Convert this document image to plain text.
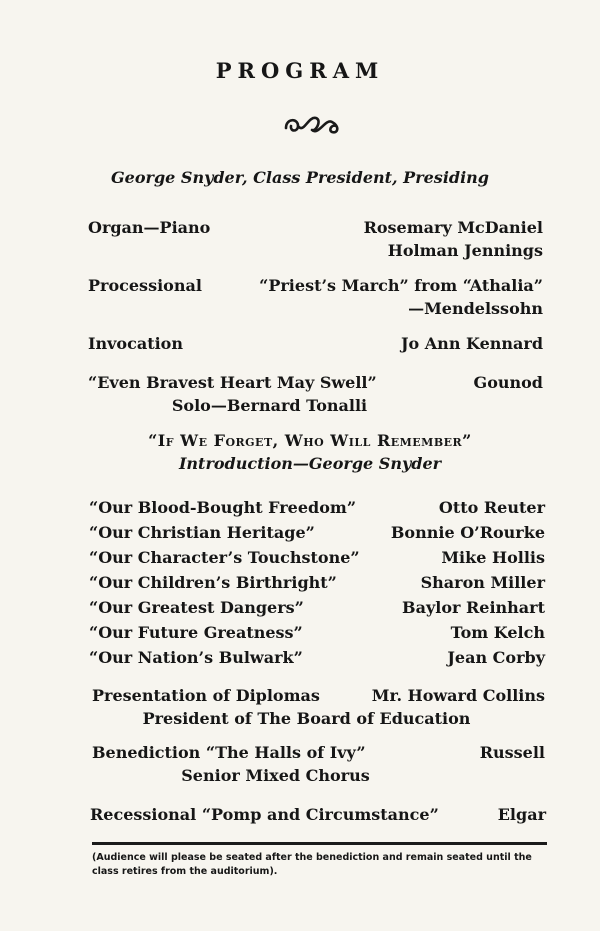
PROGRAM
George Snyder, Class President, Presiding
Organ—Piano	Rosemary McDaniel
Holman Jennings
Processional	“Priest’s March” from “Athalia”
—Mendelssohn
Invocation	Jo Ann Kennard
“Even Bravest Heart May Swell”	Gounod
Solo—Bernard Tonalli
“If We Forget, Who Will Remember”
Introduction—George Snyder
“Our Blood-Bought Freedom”	Otto Reuter
“Our Christian Heritage”	Bonnie O’Rourke
“Our Character’s Touchstone”	Mike Hollis
“Our Children’s Birthright”	Sharon Miller
“Our Greatest Dangers”	Baylor Reinhart
“Our Future Greatness”	Tom Kelch
“Our Nation’s Bulwark”	Jean Corby
Presentation of Diplomas	Mr. Howard Collins
President of The Board of Education
Benediction “The Halls of Ivy”	Russell
Senior Mixed Chorus
Recessional “Pomp and Circumstance”	Elgar
(Audience will please be seated after the benediction and remain seated until the class retires from the auditorium).
